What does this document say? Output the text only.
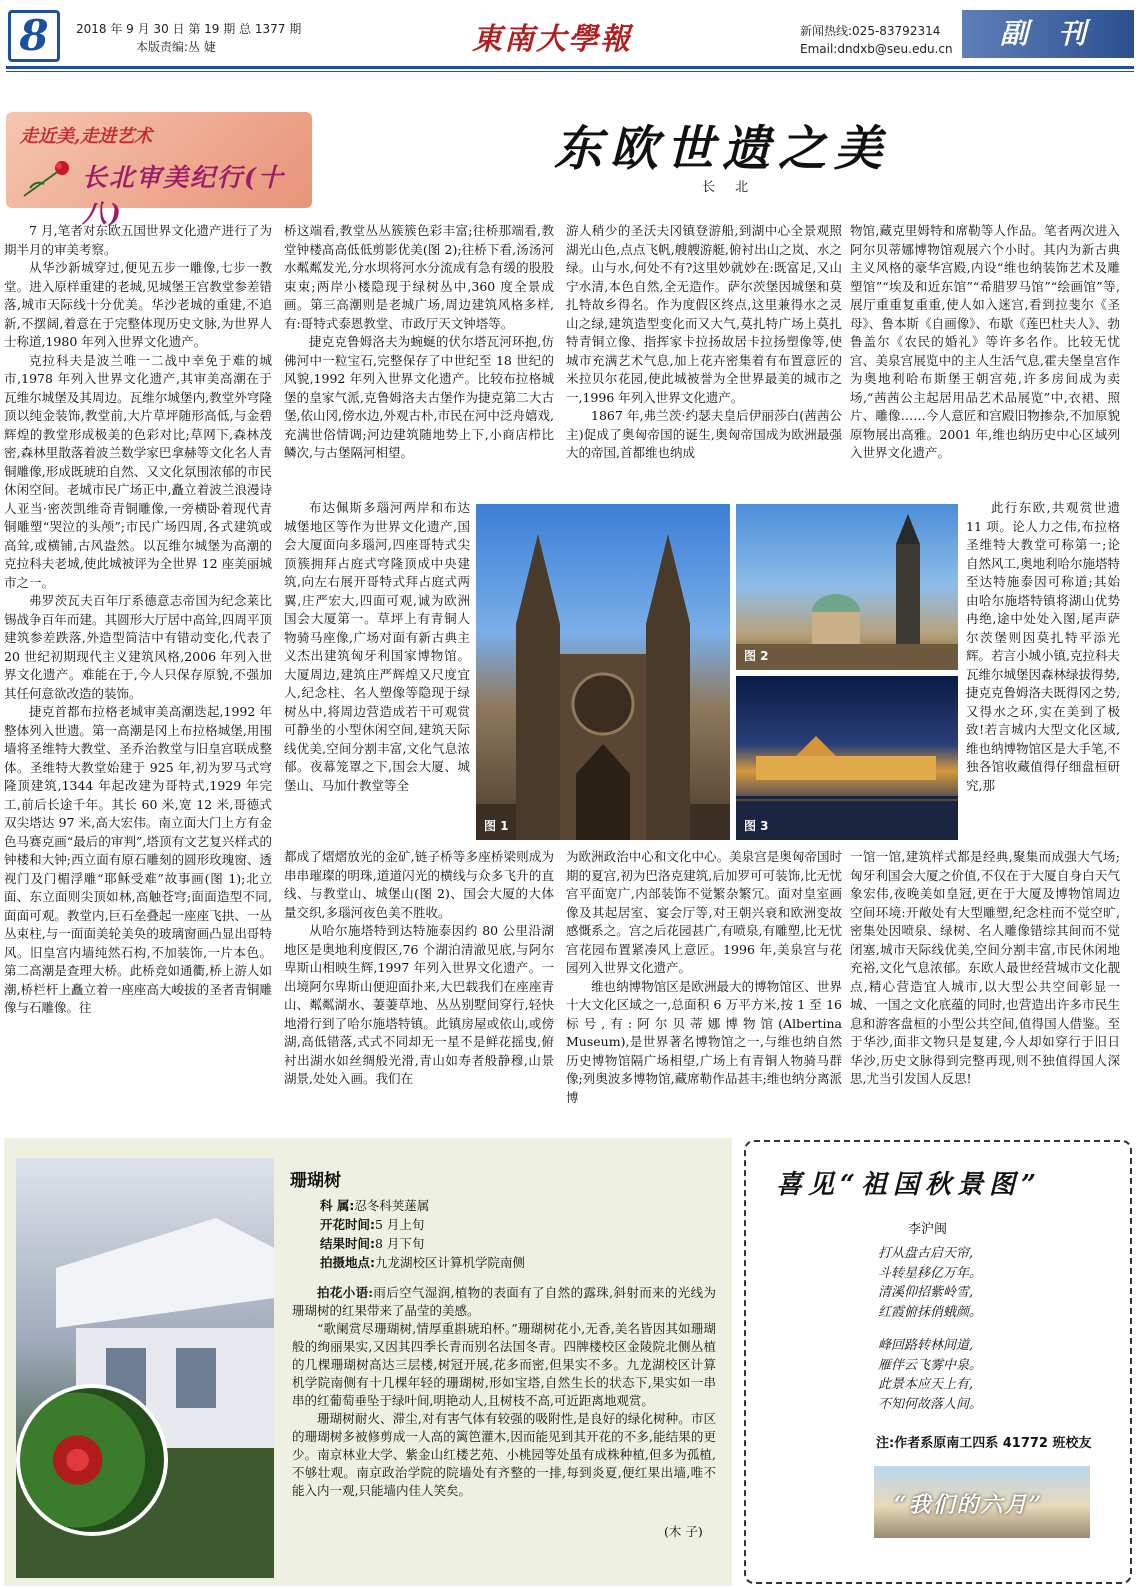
8	2018 年 9 月 30 日 第 19 期 总 1377 期
本版责编:丛 婕	東南大學報	新闻热线:025-83792314
Email:dndxb@seu.edu.cn	副刊
走近美,走进艺术
长北审美纪行(十八)
东欧世遗之美
长 北

7 月,笔者对东欧五国世界文化遗产进行了为期半月的审美考察。

从华沙新城穿过,便见五步一雕像,七步一教堂。进入原样重建的老城,见城堡王宫教堂参差错落,城市天际线十分优美。华沙老城的重建,不追新,不摆阔,着意在于完整体现历史文脉,为世界人士称道,1980 年列入世界文化遗产。

克拉科夫是波兰唯一二战中幸免于难的城市,1978 年列入世界文化遗产,其审美高潮在于瓦维尔城堡及其周边。瓦维尔城堡内,教堂外穹隆顶以纯金装饰,教堂前,大片草坪随形高低,与金碧辉煌的教堂形成极美的色彩对比;草网下,森林茂密,森林里散落着波兰数学家巴拿赫等文化名人青铜雕像,形成既琥珀自然、又文化氛围浓郁的市民休闲空间。老城市民广场正中,矗立着波兰浪漫诗人亚当·密茨凯维奇青铜雕像,一旁横卧着现代青铜雕塑“哭泣的头颅”;市民广场四周,各式建筑或高耸,或横铺,古风盎然。以瓦维尔城堡为高潮的克拉科夫老城,使此城被评为全世界 12 座美丽城市之一。

弗罗茨瓦夫百年厅系德意志帝国为纪念莱比锡战争百年而建。其圆形大厅居中高耸,四周平顶建筑参差跌落,外造型简洁中有错动变化,代表了 20 世纪初期现代主义建筑风格,2006 年列入世界文化遗产。难能在于,今人只保存原貌,不强加其任何意欲改造的装饰。

捷克首都布拉格老城审美高潮迭起,1992 年整体列入世遗。第一高潮是冈上布拉格城堡,用围墙将圣维特大教堂、圣乔治教堂与旧皇宫联成整体。圣维特大教堂始建于 925 年,初为罗马式穹隆顶建筑,1344 年起改建为哥特式,1929 年完工,前后长途千年。其长 60 米,宽 12 米,哥德式双尖塔达 97 米,高大宏伟。南立面大门上方有金色马赛克画“最后的审判”,塔顶有文艺复兴样式的钟楼和大钟;西立面有原石雕刻的圆形玫瑰窗、透视门及门楣浮雕“耶稣受难”故事画(图 1);北立面、东立面则尖顶如林,高触苍穹;面面造型不同,面面可观。教堂内,巨石垒叠起一座座飞拱、一丛丛束柱,与一面面美轮美奂的玻璃窗画凸显出哥特风。旧皇宫内墙纯然石构,不加装饰,一片本色。第二高潮是查理大桥。此桥竞如通衢,桥上游人如潮,桥栏杆上矗立着一座座高大峻拔的圣者青铜雕像与石雕像。往

桥这端看,教堂丛丛簇簇色彩丰富;往桥那端看,教堂钟楼高高低低剪影优美(图 2);往桥下看,汤汤河水粼粼发光,分水坝将河水分流成有急有缓的股股束束;两岸小楼隐现于绿树丛中,360 度全景成画。第三高潮则是老城广场,周边建筑风格多样,有:哥特式泰恩教堂、市政厅天文钟塔等。

捷克克鲁姆洛夫为蜿蜒的伏尔塔瓦河环抱,仿佛河中一粒宝石,完整保存了中世纪至 18 世纪的风貌,1992 年列入世界文化遗产。比较布拉格城堡的皇家气派,克鲁姆洛夫古堡作为捷克第二大古堡,依山冈,傍水边,外观古朴,市民在河中泛舟嬉戏,充满世俗情调;河边建筑随地势上下,小商店栉比鳞次,与古堡隔河相望。

布达佩斯多瑙河两岸和布达城堡地区等作为世界文化遗产,国会大厦面向多瑙河,四座哥特式尖顶簇拥拜占庭式穹隆顶成中央建筑,向左右展开哥特式拜占庭式两翼,庄严宏大,四面可观,诚为欧洲国会大厦第一。草坪上有青铜人物骑马座像,广场对面有新古典主义杰出建筑匈牙利国家博物馆。大厦周边,建筑庄严辉煌又尺度宜人,纪念柱、名人塑像等隐现于绿树丛中,将周边营造成若干可观赏可静坐的小型休闲空间,建筑天际线优美,空间分割丰富,文化气息浓郁。夜幕笼罩之下,国会大厦、城堡山、马加什教堂等全

都成了熠熠放光的金矿,链子桥等多座桥梁则成为串串璀璨的明珠,道道闪光的横线与众多飞升的直线、与教堂山、城堡山(图 2)、国会大厦的大体量交织,多瑙河夜色美不胜收。

从哈尔施塔特到达特施泰因约 80 公里沿湖地区是奥地利度假区,76 个湖泊清澈见底,与阿尔卑斯山相映生辉,1997 年列入世界文化遗产。一出境阿尔卑斯山便迎面扑来,大巴载我们在座座青山、粼粼湖水、萋萋草地、丛丛别墅间穿行,轻快地滑行到了哈尔施塔特镇。此镇房屋或依山,或傍湖,高低错落,式式不同却无一星不是鲜花摇曳,俯衬出湖水如丝绸般光滑,青山如寿者般静穆,山景湖景,处处入画。我们在

游人稍少的圣沃夫冈镇登游船,到湖中心全景观照湖光山色,点点飞帆,艘艘游艇,俯衬出山之岚、水之绿。山与水,何处不有?这里妙就妙在:既富足,又山宁水清,本色自然,全无造作。萨尔茨堡因城堡和莫扎特故乡得名。作为度假区终点,这里兼得水之灵山之绿,建筑造型变化而又大气,莫扎特广场上莫扎特青铜立像、指挥家卡拉扬故居卡拉扬塑像等,使城市充满艺术气息,加上花卉密集着有布置意匠的米拉贝尔花园,使此城被誉为全世界最美的城市之一,1996 年列入世界文化遗产。

1867 年,弗兰茨·约瑟夫皇后伊丽莎白(茜茜公主)促成了奥匈帝国的诞生,奥匈帝国成为欧洲最强大的帝国,首都维也纳成

为欧洲政治中心和文化中心。美泉宫是奥匈帝国时期的夏宫,初为巴洛克建筑,后加罗可可装饰,比无忧宫平面宽广,内部装饰不觉繁杂繁冗。面对皇室画像及其起居室、宴会厅等,对王朝兴衰和欧洲变故感慨系之。宫之后花园甚广,有喷泉,有雕塑,比无忧宫花园布置紧凑风上意匠。1996 年,美泉宫与花园列入世界文化遗产。

维也纳博物馆区是欧洲最大的博物馆区、世界十大文化区域之一,总面积 6 万平方米,按 1 至 16 标号,有:阿尔贝蒂娜博物馆(Albertina Museum),是世界著名博物馆之一,与维也纳自然历史博物馆隔广场相望,广场上有青铜人物骑马群像;列奥波多博物馆,藏席勒作品甚丰;维也纳分离派博

物馆,藏克里姆特和席勒等人作品。笔者两次进入阿尔贝蒂娜博物馆观展六个小时。其内为新古典主义风格的豪华宫殿,内设“维也纳装饰艺术及雕塑馆”“埃及和近东馆”“希腊罗马馆”“绘画馆”等,展厅重重复重重,使人如入迷宫,看到拉斐尔《圣母》、鲁本斯《自画像》、布歇《莲巴杜夫人》、勃鲁盖尔《农民的婚礼》等许多名作。比较无忧宫、美泉宫展览中的主人生活气息,霍夫堡皇宫作为奥地利哈布斯堡王朝宫苑,许多房间成为卖场,“茜茜公主起居用品艺术品展览”中,衣裙、照片、雕像……今人意匠和宫殿旧物掺杂,不加原貌原物展出高雅。2001 年,维也纳历史中心区域列入世界文化遗产。

此行东欧,共观赏世遗 11 项。论人力之伟,布拉格圣维特大教堂可称第一;论自然风工,奥地利哈尔施塔特至达特施泰因可称道;其始由哈尔施塔特镇将湖山优势冉绝,途中处处入图,尾声萨尔茨堡则因莫扎特平添光辉。若言小城小镇,克拉科夫瓦维尔城堡因森林绿拔得势,捷克克鲁姆洛夫既得冈之势,又得水之环,实在美到了极致!若言城内大型文化区域,维也纳博物馆区是大手笔,不独各馆收藏值得仔细盘桓研究,那

一馆一馆,建筑样式都是经典,聚集而成强大气场;匈牙利国会大厦之价值,不仅在于大厦自身白天气象宏伟,夜晚美如皇冠,更在于大厦及博物馆周边空间环境:开敞处有大型雕塑,纪念柱而不觉空旷,密集处因喷泉、绿树、名人雕像错综其间而不觉闭塞,城市天际线优美,空间分割丰富,市民休闲地充裕,文化气息浓郁。东欧人最世经营城市文化靓点,精心营造宜人城市,以大型公共空间彰显一城、一国之文化底蕴的同时,也营造出许多市民生息和游客盘桓的小型公共空间,值得国人借鉴。至于华沙,面非文物只是复建,今人却如穿行于旧日华沙,历史文脉得到完整再现,则不独值得国人深思,尤当引发国人反思!

图 1
图 2
图 3
珊瑚树
科 属:忍冬科荚蒾属
开花时间:5 月上旬
结果时间:8 月下旬
拍摄地点:九龙湖校区计算机学院南侧

拍花小语:雨后空气湿润,植物的表面有了自然的露珠,斜射而来的光线为珊瑚树的红果带来了晶莹的美感。

“歌阑赏尽珊瑚树,情厚重斟琥珀杯。”珊瑚树花小,无香,美名皆因其如珊瑚般的绚丽果实,又因其四季长青而别名法国冬青。四牌楼校区金陵院北侧丛植的几棵珊瑚树高达三层楼,树冠开展,花多而密,但果实不多。九龙湖校区计算机学院南侧有十几棵年轻的珊瑚树,形如宝塔,自然生长的状态下,果实如一串串的红葡萄垂坠于绿叶间,明艳动人,且树枝不高,可近距离地观赏。

珊瑚树耐火、滞尘,对有害气体有较强的吸附性,是良好的绿化树种。市区的珊瑚树多被修剪成一人高的篱笆灌木,因而能见到其开花的不多,能结果的更少。南京林业大学、紫金山红楼艺苑、小桃园等处虽有成株种植,但多为孤植,不够壮观。南京政治学院的院墙处有齐整的一排,每到炎夏,便红果出墙,唯不能入内一观,只能墙内佳人笑矣。

(木 子)
喜见“祖国秋景图”
李沪闽
打从盘古启天帘,
斗转星移亿万年。
清溪仰招紫岭雪,
红霞俯抹俏蛾颜。
峰回路转林间道,
雁伴云飞雾中泉。
此景本应天上有,
不知何故落人间。
注:作者系原南工四系 41772 班校友
“我们的六月”
